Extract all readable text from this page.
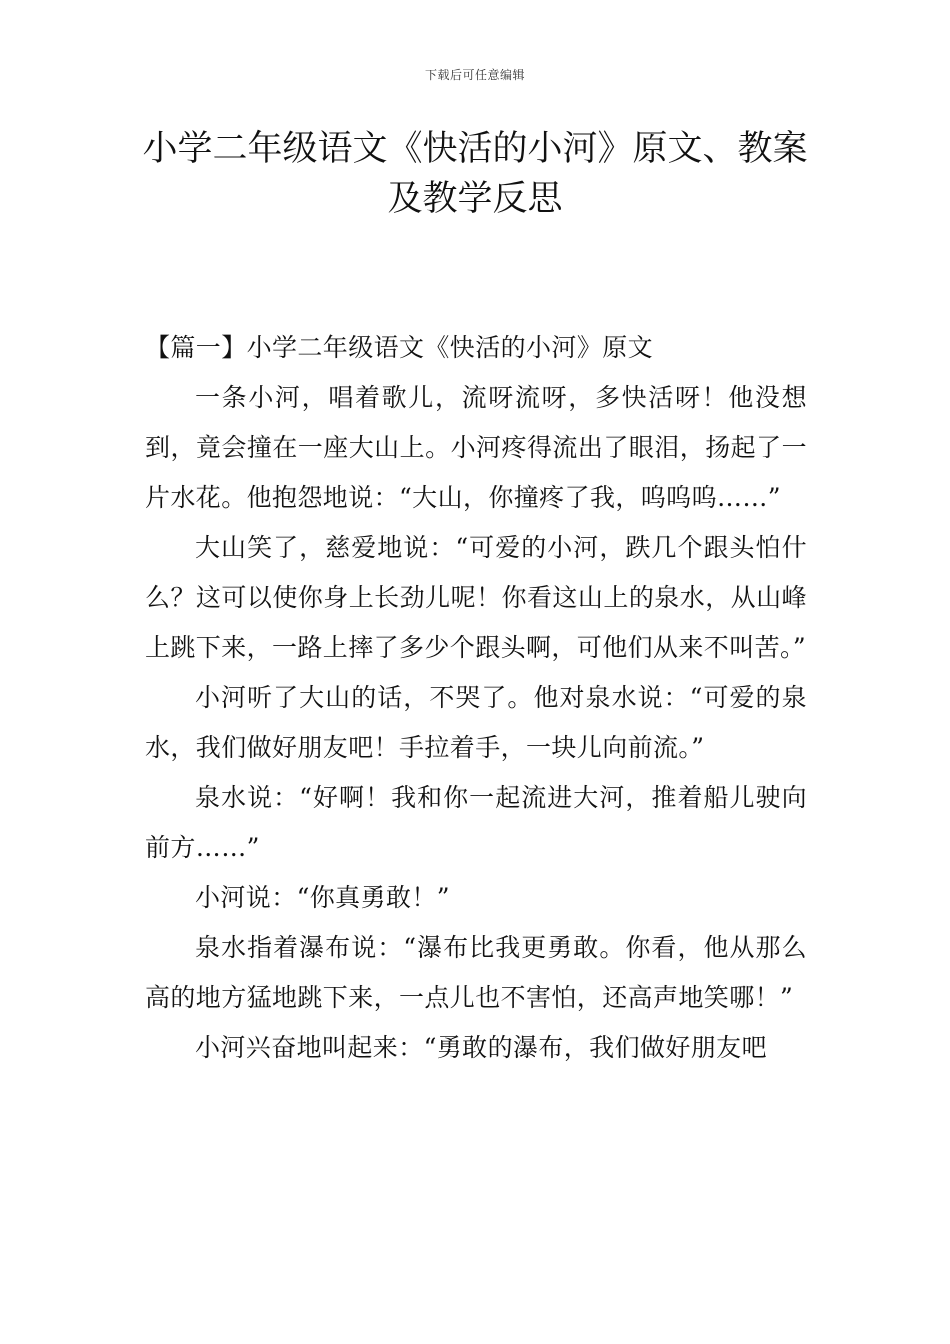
下载后可任意编辑
小学二年级语文《快活的小河》原文、教案及教学反思
【篇一】小学二年级语文《快活的小河》原文

一条小河，唱着歌儿，流呀流呀，多快活呀！他没想到，竟会撞在一座大山上。小河疼得流出了眼泪，扬起了一片水花。他抱怨地说：“大山，你撞疼了我，呜呜呜……”

大山笑了，慈爱地说：“可爱的小河，跌几个跟头怕什么？这可以使你身上长劲儿呢！你看这山上的泉水，从山峰上跳下来，一路上摔了多少个跟头啊，可他们从来不叫苦。”

小河听了大山的话，不哭了。他对泉水说：“可爱的泉水，我们做好朋友吧！手拉着手，一块儿向前流。”

泉水说：“好啊！我和你一起流进大河，推着船儿驶向前方……”

小河说：“你真勇敢！”

泉水指着瀑布说：“瀑布比我更勇敢。你看，他从那么高的地方猛地跳下来，一点儿也不害怕，还高声地笑哪！”

小河兴奋地叫起来：“勇敢的瀑布，我们做好朋友吧
